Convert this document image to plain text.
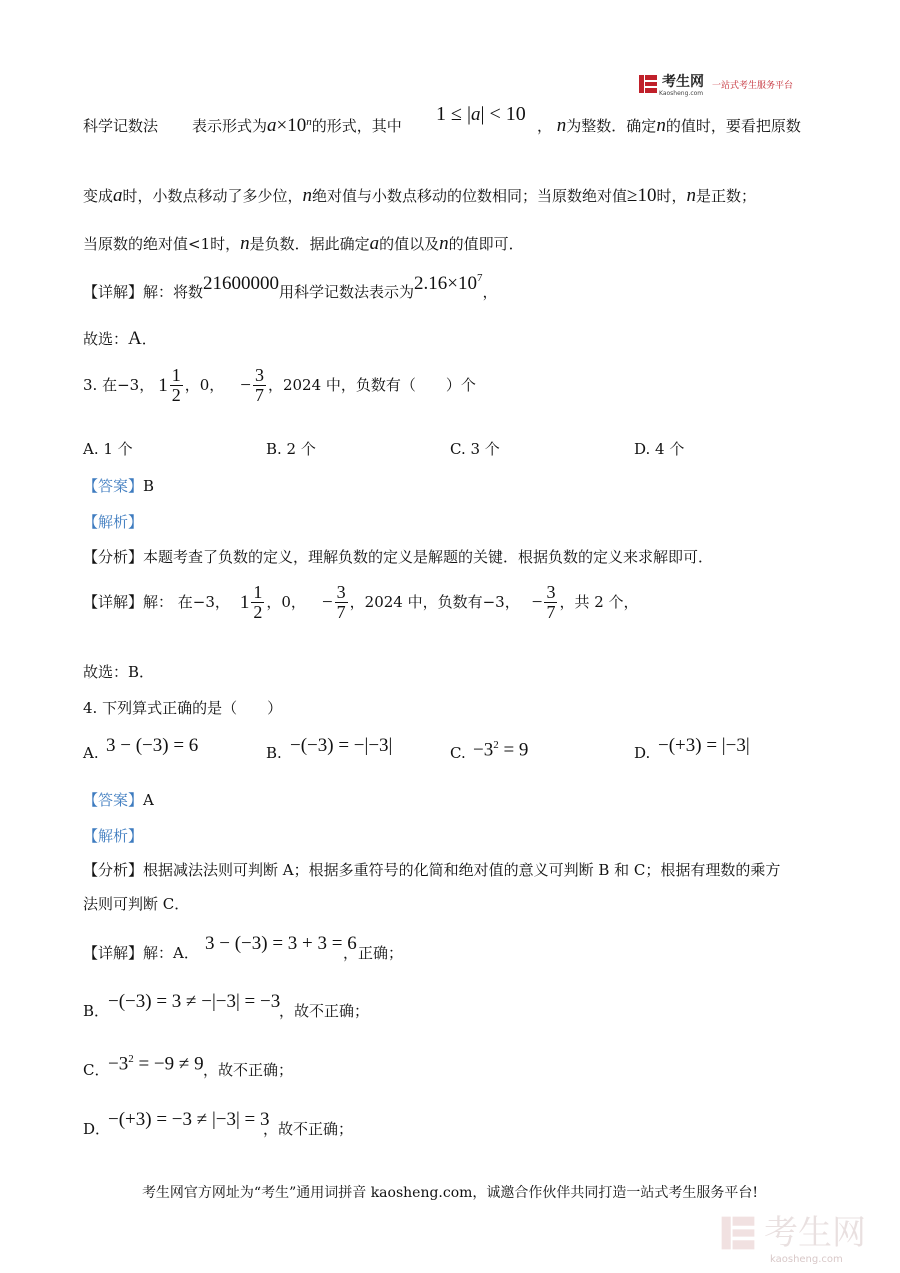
考生网
Kaosheng.com
一站式考生服务平台
科学记数法 表示形式为$a\times 10^n$的形式，其中
1 ≤ |a| < 10
， n为整数．确定n的值时，要看把原数
变成a时，小数点移动了多少位，n绝对值与小数点移动的位数相同；当原数绝对值≥10时，n是正数；
当原数的绝对值<1时，n是负数．据此确定a的值以及n的值即可．
【详解】解：将数21600000用科学记数法表示为$2.16\times 10^7$，
故选：A．
3. 在−3， $1 \frac{1}{2}$ ，0， − $\frac{3}{7}$ ，2024 中，负数有（　　）个
A. 1 个	B. 2 个	C. 3 个	D. 4 个
【答案】B
【解析】
【分析】本题考查了负数的定义，理解负数的定义是解题的关键．根据负数的定义来求解即可．
【详解】解： 在−3， $1 \frac{1}{2}$ ，0， − $\frac{3}{7}$ ，2024 中，负数有−3， − $\frac{3}{7}$ ，共 2 个，
故选：B．
4. 下列算式正确的是（　　）
A. 3 − (−3) = 6	B. −(−3) = −|−3|	C. $-3^2 = 9$	D. −(+3) = |−3|
【答案】A
【解析】
【分析】根据减法法则可判断 A；根据多重符号的化简和绝对值的意义可判断 B 和 C；根据有理数的乘方
法则可判断 C．
【详解】解：A． 3 − (−3) = 3 + 3 = 6
，正确；
B．
−(−3) = 3 ≠ −|−3| = −3
，故不正确；
C．
$-3^2 = -9 \ne 9$ ，故不正确；
D．
−(+3) = −3 ≠ |−3| = 3
，故不正确；
考生网官方网址为“考生”通用词拼音 kaosheng.com，诚邀合作伙伴共同打造一站式考生服务平台!
考生网
kaosheng.com
